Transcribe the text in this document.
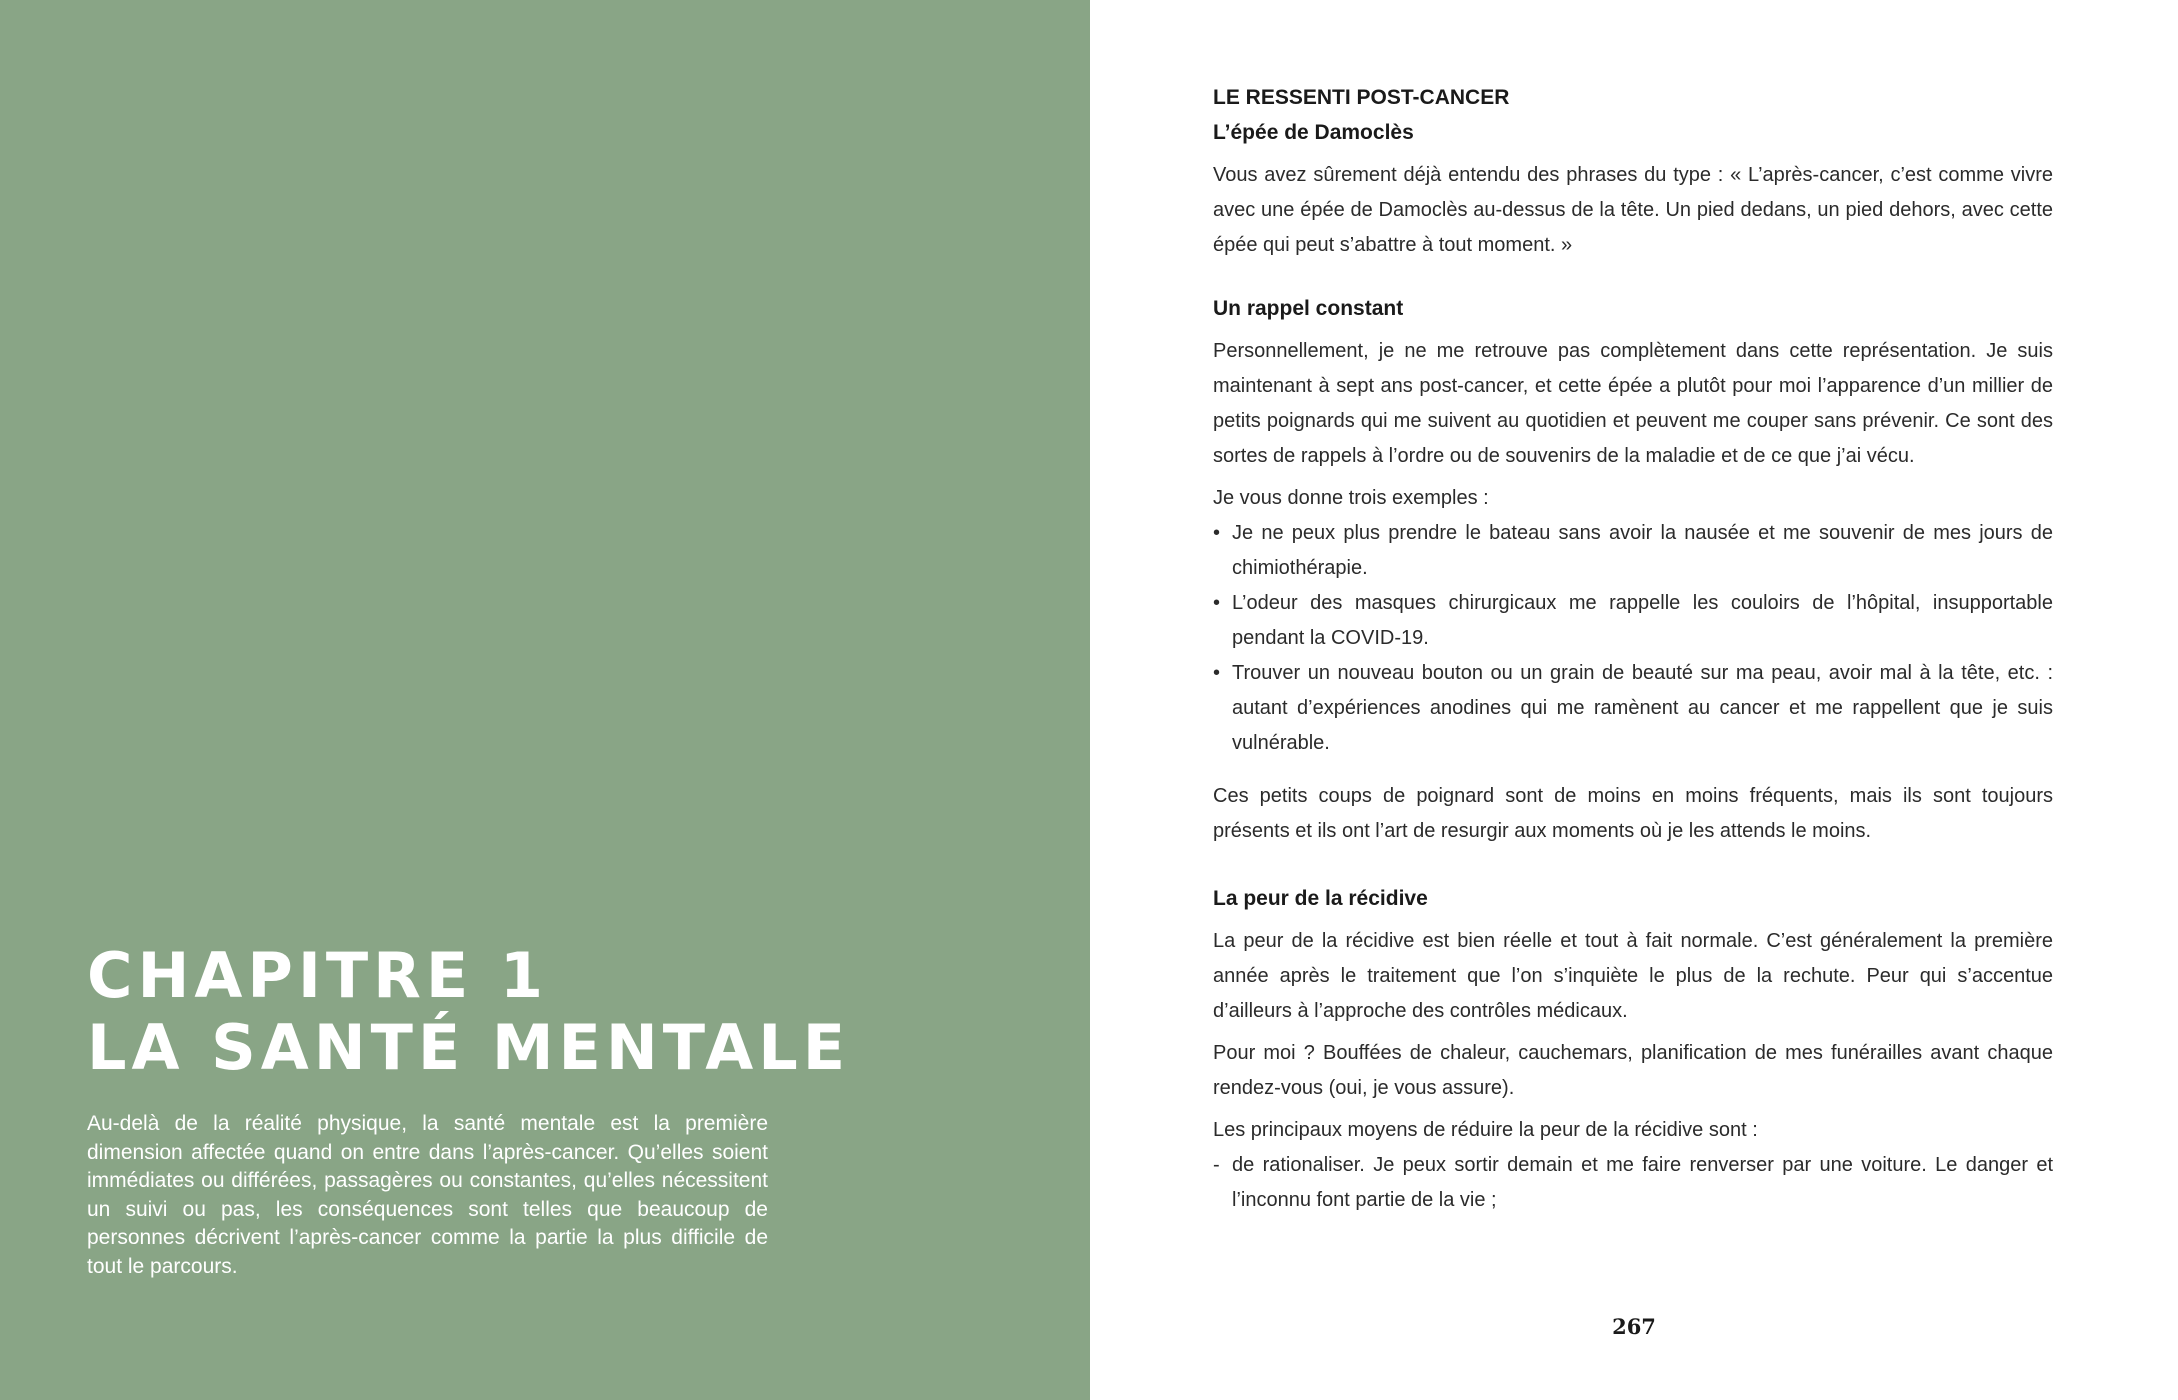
CHAPITRE 1
LA SANTÉ MENTALE

Au-delà de la réalité physique, la santé mentale est la première dimension affectée quand on entre dans l’après-cancer. Qu’elles soient immédiates ou différées, passagères ou constantes, qu’elles nécessitent un suivi ou pas, les conséquences sont telles que beaucoup de personnes décrivent l’après-cancer comme la partie la plus difficile de tout le parcours.

LE RESSENTI POST-CANCER
L’épée de Damoclès

Vous avez sûrement déjà entendu des phrases du type : « L’après-cancer, c’est comme vivre avec une épée de Damoclès au-dessus de la tête. Un pied dedans, un pied dehors, avec cette épée qui peut s’abattre à tout moment. »

Un rappel constant

Personnellement, je ne me retrouve pas complètement dans cette représentation. Je suis maintenant à sept ans post-cancer, et cette épée a plutôt pour moi l’apparence d’un millier de petits poignards qui me suivent au quotidien et peuvent me couper sans prévenir. Ce sont des sortes de rappels à l’ordre ou de souvenirs de la maladie et de ce que j’ai vécu.

Je vous donne trois exemples :

• Je ne peux plus prendre le bateau sans avoir la nausée et me souvenir de mes jours de chimiothérapie.
• L’odeur des masques chirurgicaux me rappelle les couloirs de l’hôpital, insupportable pendant la COVID-19.
• Trouver un nouveau bouton ou un grain de beauté sur ma peau, avoir mal à la tête, etc. : autant d’expériences anodines qui me ramènent au cancer et me rappellent que je suis vulnérable.

Ces petits coups de poignard sont de moins en moins fréquents, mais ils sont toujours présents et ils ont l’art de resurgir aux moments où je les attends le moins.

La peur de la récidive

La peur de la récidive est bien réelle et tout à fait normale. C’est généralement la première année après le traitement que l’on s’inquiète le plus de la rechute. Peur qui s’accentue d’ailleurs à l’approche des contrôles médicaux.

Pour moi ? Bouffées de chaleur, cauchemars, planification de mes funérailles avant chaque rendez-vous (oui, je vous assure).

Les principaux moyens de réduire la peur de la récidive sont :

- de rationaliser. Je peux sortir demain et me faire renverser par une voiture. Le danger et l’inconnu font partie de la vie ;
267
